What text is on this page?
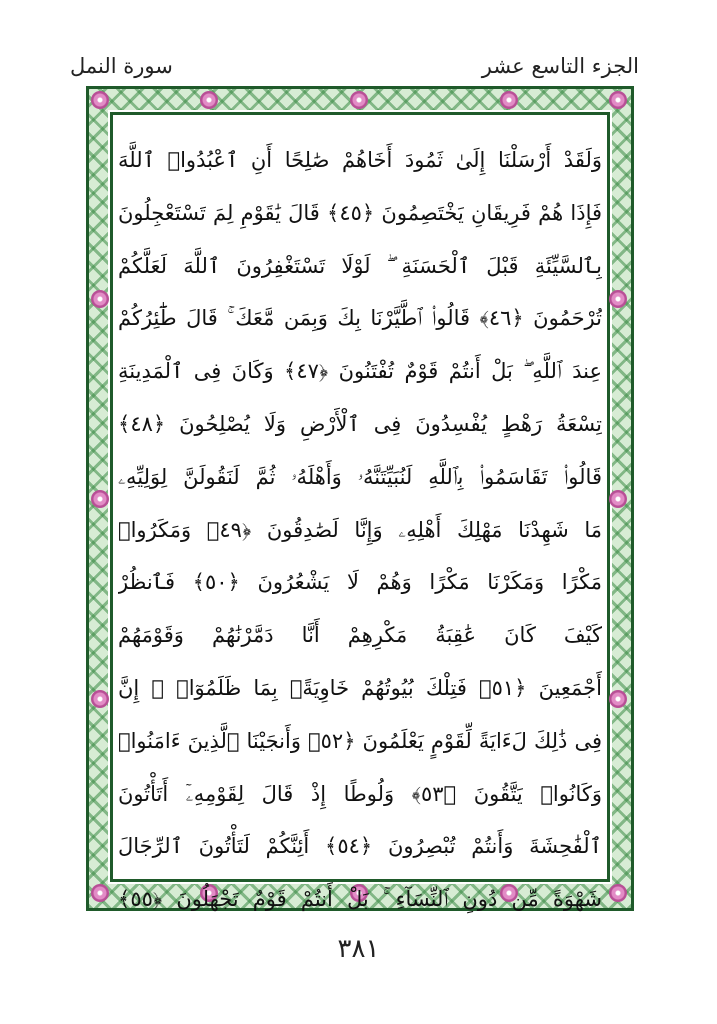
سورة النمل	الجزء التاسع عشر
وَلَقَدْ أَرْسَلْنَا إِلَىٰ ثَمُودَ أَخَاهُمْ صَٰلِحًا أَنِ ٱعْبُدُوا۟ ٱللَّهَ
فَإِذَا هُمْ فَرِيقَانِ يَخْتَصِمُونَ ﴿٤٥﴾ قَالَ يَٰقَوْمِ لِمَ تَسْتَعْجِلُونَ
بِٱلسَّيِّئَةِ قَبْلَ ٱلْحَسَنَةِ ۖ لَوْلَا تَسْتَغْفِرُونَ ٱللَّهَ لَعَلَّكُمْ
تُرْحَمُونَ ﴿٤٦﴾ قَالُوا۟ ٱطَّيَّرْنَا بِكَ وَبِمَن مَّعَكَ ۚ قَالَ طَٰٓئِرُكُمْ
عِندَ ٱللَّهِ ۖ بَلْ أَنتُمْ قَوْمٌ تُفْتَنُونَ ﴿٤٧﴾ وَكَانَ فِى ٱلْمَدِينَةِ
تِسْعَةُ رَهْطٍ يُفْسِدُونَ فِى ٱلْأَرْضِ وَلَا يُصْلِحُونَ ﴿٤٨﴾
قَالُوا۟ تَقَاسَمُوا۟ بِٱللَّهِ لَنُبَيِّتَنَّهُۥ وَأَهْلَهُۥ ثُمَّ لَنَقُولَنَّ لِوَلِيِّهِۦ
مَا شَهِدْنَا مَهْلِكَ أَهْلِهِۦ وَإِنَّا لَصَٰدِقُونَ ﴿٤٩﴾ وَمَكَرُوا۟
مَكْرًا وَمَكَرْنَا مَكْرًا وَهُمْ لَا يَشْعُرُونَ ﴿٥٠﴾ فَٱنظُرْ
كَيْفَ كَانَ عَٰقِبَةُ مَكْرِهِمْ أَنَّا دَمَّرْنَٰهُمْ وَقَوْمَهُمْ
أَجْمَعِينَ ﴿٥١﴾ فَتِلْكَ بُيُوتُهُمْ خَاوِيَةًۢ بِمَا ظَلَمُوٓا۟ ۗ إِنَّ
فِى ذَٰلِكَ لَءَايَةً لِّقَوْمٍ يَعْلَمُونَ ﴿٥٢﴾ وَأَنجَيْنَا ٱلَّذِينَ ءَامَنُوا۟
وَكَانُوا۟ يَتَّقُونَ ﴿٥٣﴾ وَلُوطًا إِذْ قَالَ لِقَوْمِهِۦٓ أَتَأْتُونَ
ٱلْفَٰحِشَةَ وَأَنتُمْ تُبْصِرُونَ ﴿٥٤﴾ أَئِنَّكُمْ لَتَأْتُونَ ٱلرِّجَالَ
شَهْوَةً مِّن دُونِ ٱلنِّسَآءِ ۚ بَلْ أَنتُمْ قَوْمٌ تَجْهَلُونَ ﴿٥٥﴾
٣٨١
